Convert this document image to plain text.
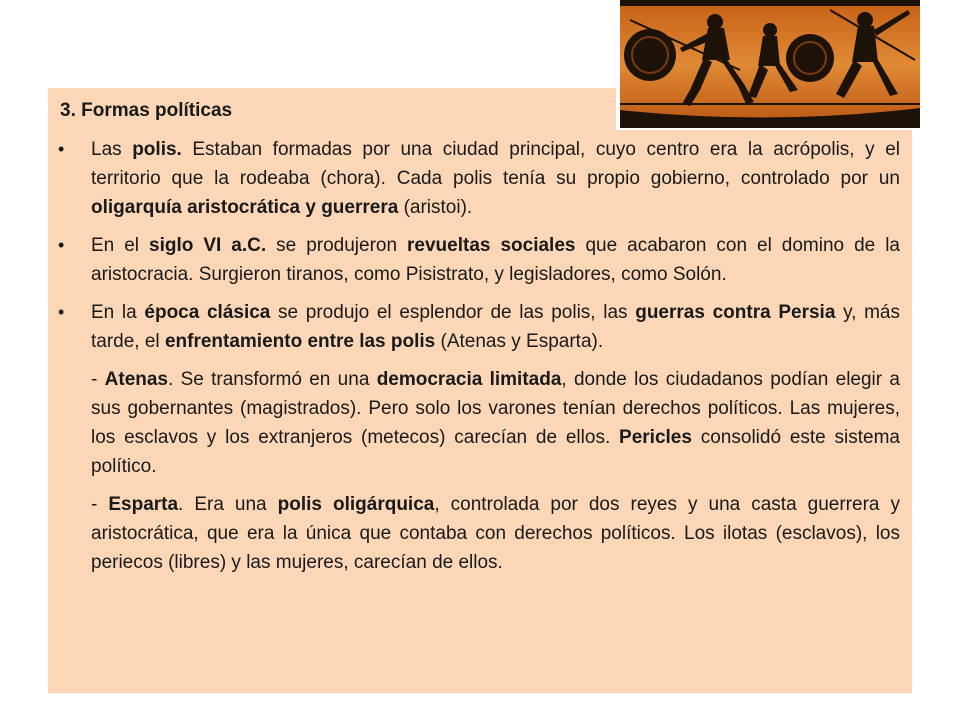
3. Formas políticas
• Las polis. Estaban formadas por una ciudad principal, cuyo centro era la acrópolis, y el territorio que la rodeaba (chora). Cada polis tenía su propio gobierno, controlado por un oligarquía aristocrática y guerrera (aristoi).
• En el siglo VI a.C. se produjeron revueltas sociales que acabaron con el domino de la aristocracia. Surgieron tiranos, como Pisistrato, y legisladores, como Solón.
• En la época clásica se produjo el esplendor de las polis, las guerras contra Persia y, más tarde, el enfrentamiento entre las polis (Atenas y Esparta).
- Atenas. Se transformó en una democracia limitada, donde los ciudadanos podían elegir a sus gobernantes (magistrados). Pero solo los varones tenían derechos políticos. Las mujeres, los esclavos y los extranjeros (metecos) carecían de ellos. Pericles consolidó este sistema político.
- Esparta. Era una polis oligárquica, controlada por dos reyes y una casta guerrera y aristocrática, que era la única que contaba con derechos políticos. Los ilotas (esclavos), los periecos (libres) y las mujeres, carecían de ellos.
